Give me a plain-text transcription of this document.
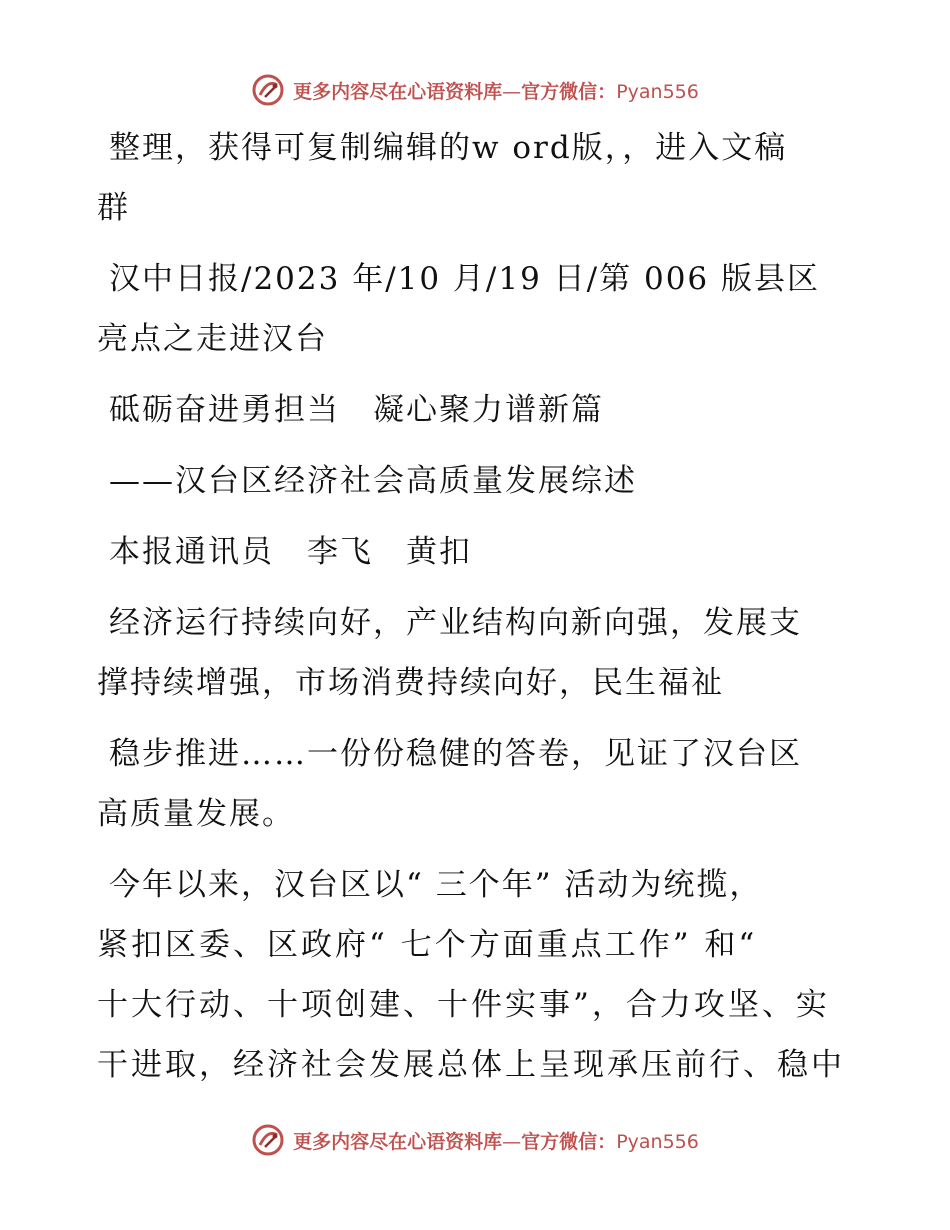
更多内容尽在心语资料库—官方微信：Pyan556

整理，获得可复制编辑的w ord版，，进入文稿
群

汉中日报/2023 年/10 月/19 日/第 006 版县区
亮点之走进汉台

砥砺奋进勇担当　凝心聚力谱新篇

——汉台区经济社会高质量发展综述

本报通讯员　李飞　黄扣

经济运行持续向好，产业结构向新向强，发展支
撑持续增强，市场消费持续向好，民生福祉

稳步推进……一份份稳健的答卷，见证了汉台区
高质量发展。

今年以来，汉台区以“ 三个年” 活动为统揽，
紧扣区委、区政府“ 七个方面重点工作” 和“
十大行动、十项创建、十件实事”，合力攻坚、实
干进取，经济社会发展总体上呈现承压前行、稳中

更多内容尽在心语资料库—官方微信：Pyan556
